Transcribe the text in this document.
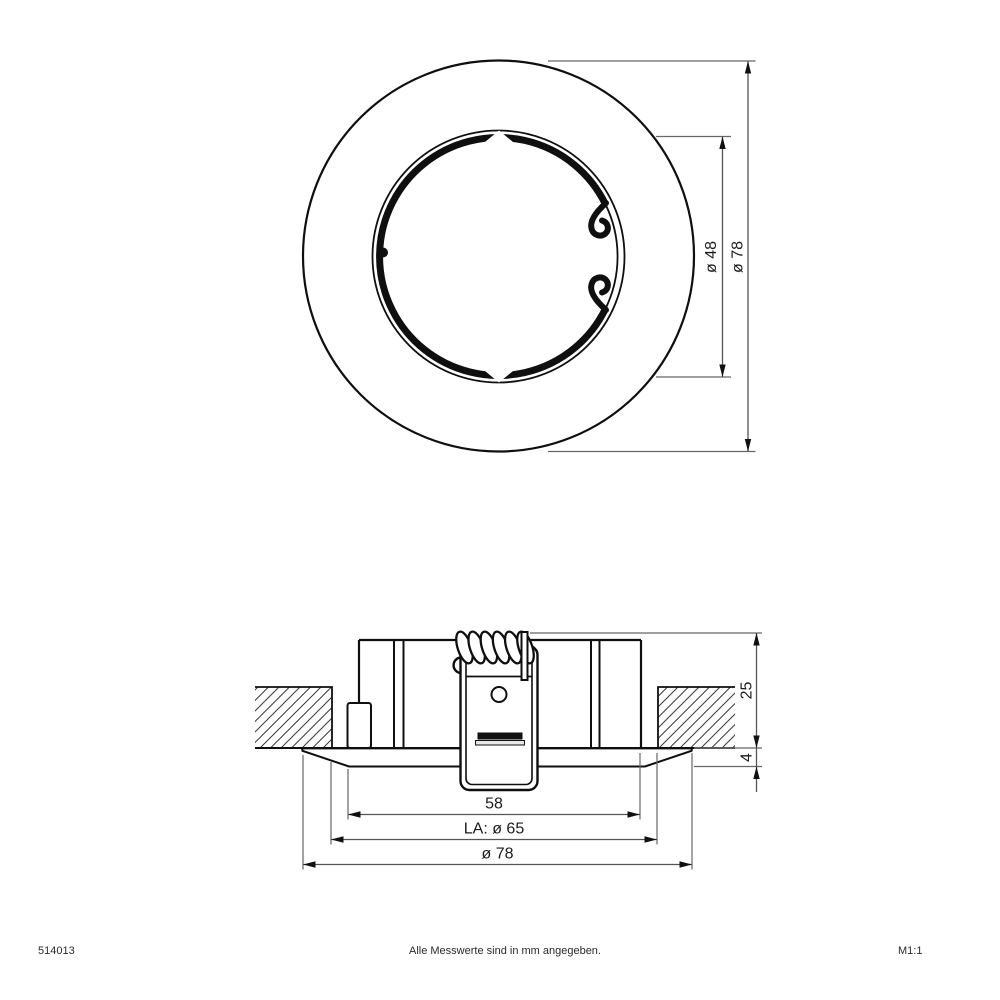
ø 48 ø 78
25
4
58
LA: ø 65
ø 78
514013	Alle Messwerte sind in mm angegeben.	M1:1
